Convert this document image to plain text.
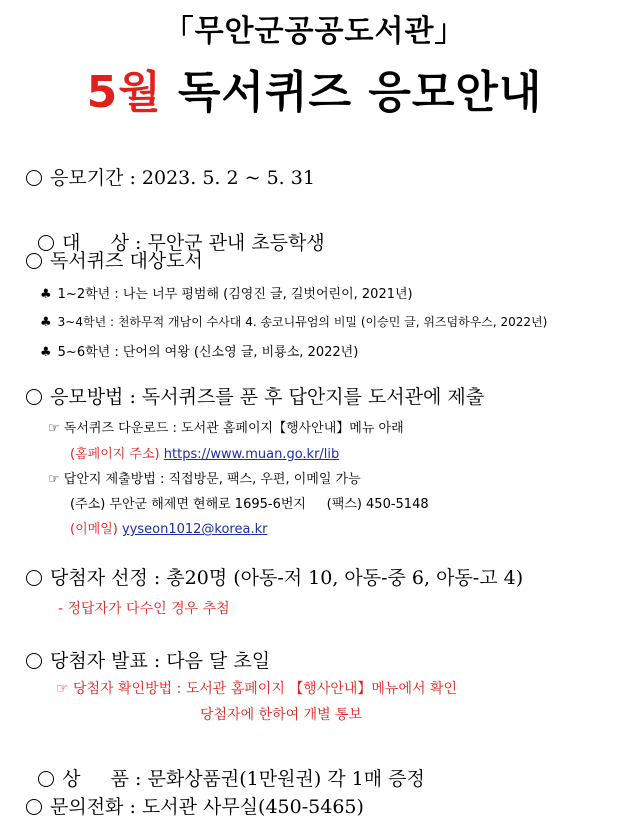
「무안군공공도서관」
5월 독서퀴즈 응모안내
응모기간 : 2023. 5. 2 ~ 5. 31

대     상 : 무안군 관내 초등학생

독서퀴즈 대상도서
♣ 1~2학년 : 나는 너무 평범해 (김영진 글, 길벗어린이, 2021년)
♣ 3~4학년 : 천하무적 개남이 수사대 4. 송코니뮤엄의 비밀 (이승민 글, 위즈덤하우스, 2022년)
♣ 5~6학년 : 단어의 여왕 (신소영 글, 비룡소, 2022년)
응모방법 : 독서퀴즈를 푼 후 답안지를 도서관에 제출
☞ 독서퀴즈 다운로드 : 도서관 홈페이지【행사안내】메뉴 아래
(홈페이지 주소) https://www.muan.go.kr/lib
☞ 답안지 제출방법 : 직접방문, 팩스, 우편, 이메일 가능
(주소) 무안군 해제면 현해로 1695-6번지     (팩스) 450-5148
(이메일) yyseon1012@korea.kr
당첨자 선정 : 총20명 (아동-저 10, 아동-중 6, 아동-고 4)
- 정답자가 다수인 경우 추첨
당첨자 발표 : 다음 달 초일
☞ 당첨자 확인방법 : 도서관 홈페이지 【행사안내】메뉴에서 확인
당첨자에 한하여 개별 통보

상     품 : 문화상품권(1만원권) 각 1매 증정

문의전화 : 도서관 사무실(450-5465)
